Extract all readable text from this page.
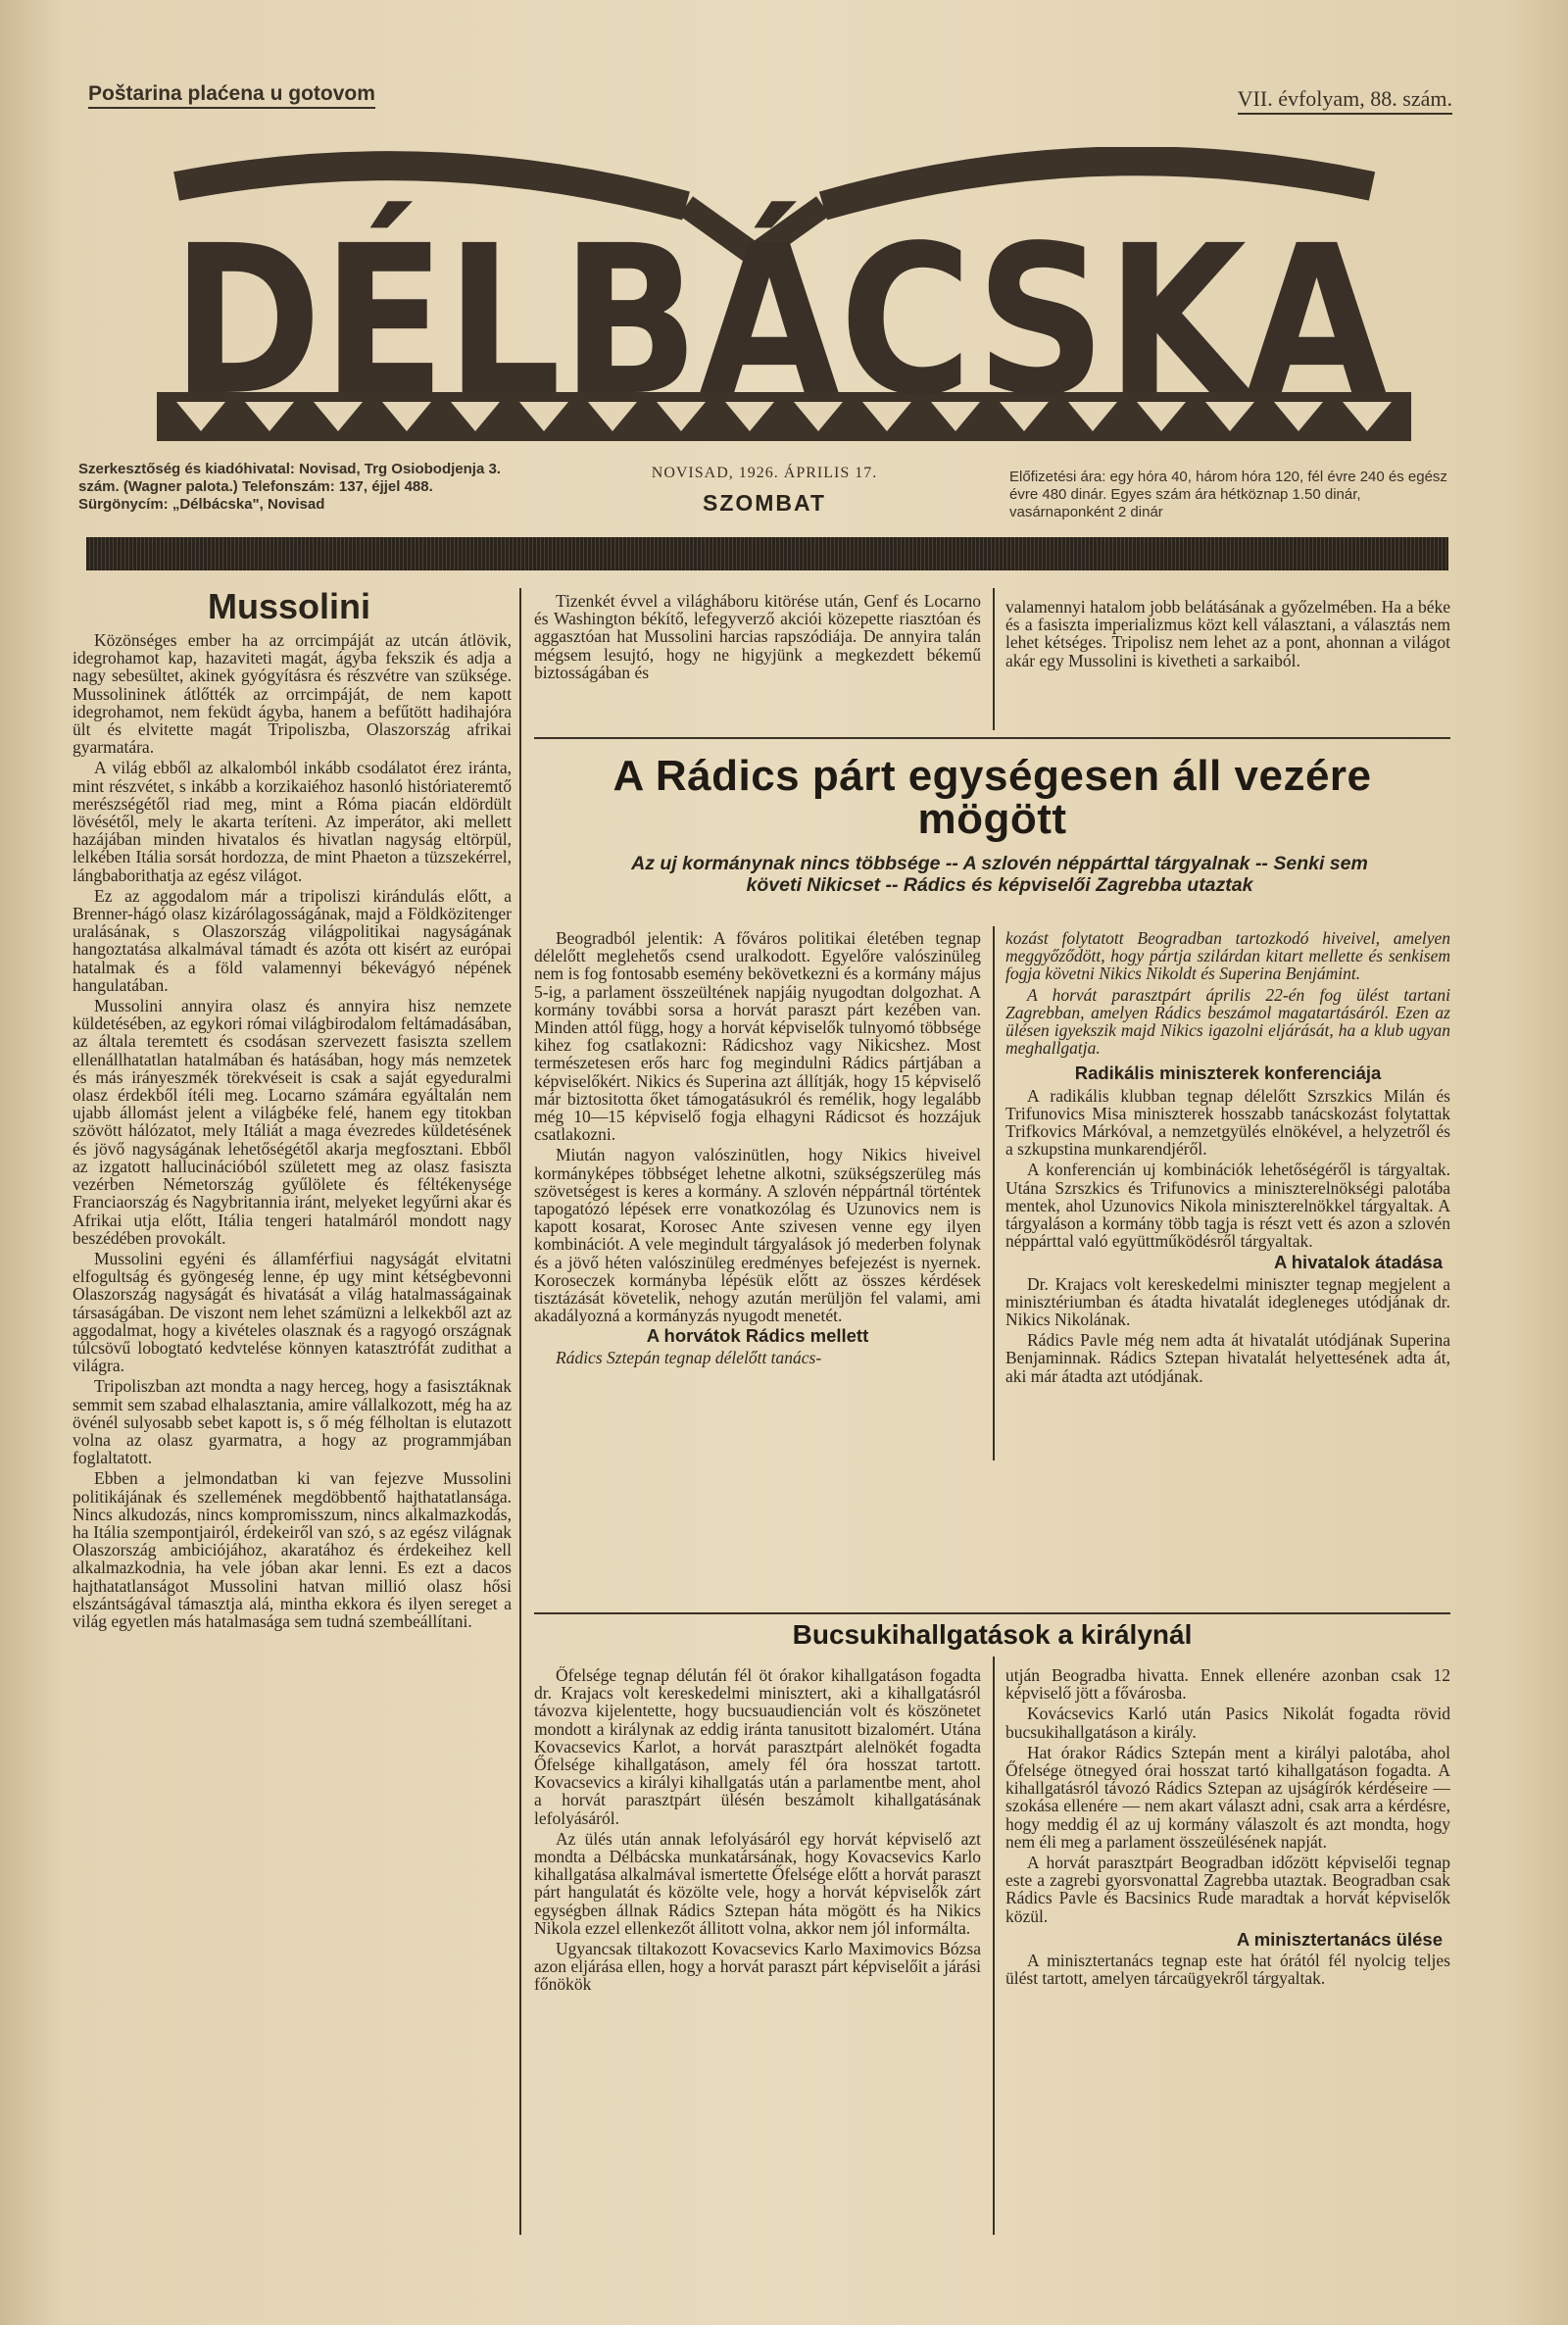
Poštarina plaćena u gotovom	VII. évfolyam, 88. szám.
DÉLBÁCSKA
Szerkesztőség és kiadóhivatal: Novisad, Trg Osiobodjenja 3. szám. (Wagner palota.) Telefonszám: 137, éjjel 488. Sürgönycím: „Délbácska", Novisad
NOVISAD, 1926. ÁPRILIS 17.
SZOMBAT
Előfizetési ára: egy hóra 40, három hóra 120, fél évre 240 és egész évre 480 dinár. Egyes szám ára hétköznap 1.50 dinár, vasárnaponként 2 dinár
Mussolini

Közönséges ember ha az orrcimpáját az utcán átlövik, idegrohamot kap, hazaviteti magát, ágyba fekszik és adja a nagy sebesültet, akinek gyógyításra és részvétre van szüksége. Mussolininek átlőtték az orrcimpáját, de nem kapott idegrohamot, nem feküdt ágyba, hanem a befűtött hadihajóra ült és elvitette magát Tripoliszba, Olaszország afrikai gyarmatára.

A világ ebből az alkalomból inkább csodálatot érez iránta, mint részvétet, s inkább a korzikaiéhoz hasonló históriateremtő merészségétől riad meg, mint a Róma piacán eldördült lövésétől, mely le akarta teríteni. Az imperátor, aki mellett hazájában minden hivatalos és hivatlan nagyság eltörpül, lelkében Itália sorsát hordozza, de mint Phaeton a tüzszekérrel, lángbaborithatja az egész világot.

Ez az aggodalom már a tripoliszi kirándulás előtt, a Brenner-hágó olasz kizárólagosságának, majd a Földközitenger uralásának, s Olaszország világpolitikai nagyságának hangoztatása alkalmával támadt és azóta ott kisért az európai hatalmak és a föld valamennyi békevágyó népének hangulatában.

Mussolini annyira olasz és annyira hisz nemzete küldetésében, az egykori római világbirodalom feltámadásában, az általa teremtett és csodásan szervezett fasiszta szellem ellenállhatatlan hatalmában és hatásában, hogy más nemzetek és más irányeszmék törekvéseit is csak a saját egyeduralmi olasz érdekből ítéli meg. Locarno számára egyáltalán nem ujabb állomást jelent a világbéke felé, hanem egy titokban szövött hálózatot, mely Itáliát a maga évezredes küldetésének és jövő nagyságának lehetőségétől akarja megfosztani. Ebből az izgatott hallucinációból született meg az olasz fasiszta vezérben Németország gyűlölete és féltékenysége Franciaország és Nagybritannia iránt, melyeket legyűrni akar és Afrikai utja előtt, Itália tengeri hatalmáról mondott nagy beszédében provokált.

Mussolini egyéni és államférfiui nagyságát elvitatni elfogultság és gyöngeség lenne, ép ugy mint kétségbevonni Olaszország nagyságát és hivatását a világ hatalmasságainak társaságában. De viszont nem lehet számüzni a lelkekből azt az aggodalmat, hogy a kivételes olasznak és a ragyogó országnak túlcsövű lobogtató kedvtelése könnyen katasztrófát zudithat a világra.

Tripoliszban azt mondta a nagy herceg, hogy a fasisztáknak semmit sem szabad elhalasztania, amire vállalkozott, még ha az övénél sulyosabb sebet kapott is, s ő még félholtan is elutazott volna az olasz gyarmatra, a hogy az programmjában foglaltatott.

Ebben a jelmondatban ki van fejezve Mussolini politikájának és szellemének megdöbbentő hajthatatlansága. Nincs alkudozás, nincs kompromisszum, nincs alkalmazkodás, ha Itália szempontjairól, érdekeiről van szó, s az egész világnak Olaszország ambiciójához, akaratához és érdekeihez kell alkalmazkodnia, ha vele jóban akar lenni. Es ezt a dacos hajthatatlanságot Mussolini hatvan millió olasz hősi elszántságával támasztja alá, mintha ekkora és ilyen sereget a világ egyetlen más hatalmasága sem tudná szembeállítani.

Tizenkét évvel a világháboru kitörése után, Genf és Locarno és Washington békítő, lefegyverző akciói közepette riasztóan és aggasztóan hat Mussolini harcias rapszódiája. De annyira talán mégsem lesujtó, hogy ne higyjünk a megkezdett békemű biztosságában és

valamennyi hatalom jobb belátásának a győzelmében. Ha a béke és a fasiszta imperializmus közt kell választani, a választás nem lehet kétséges. Tripolisz nem lehet az a pont, ahonnan a világot akár egy Mussolini is kivetheti a sarkaiból.

A Rádics párt egységesen áll vezére mögött
Az uj kormánynak nincs többsége -- A szlovén néppárttal tárgyalnak -- Senki sem követi Nikicset -- Rádics és képviselői Zagrebba utaztak

Beogradból jelentik: A főváros politikai életében tegnap délelőtt meglehetős csend uralkodott. Egyelőre valószinüleg nem is fog fontosabb esemény bekövetkezni és a kormány május 5-ig, a parlament összeültének napjáig nyugodtan dolgozhat. A kormány további sorsa a horvát paraszt párt kezében van. Minden attól függ, hogy a horvát képviselők tulnyomó többsége kihez fog csatlakozni: Rádicshoz vagy Nikicshez. Most természetesen erős harc fog megindulni Rádics pártjában a képviselőkért. Nikics és Superina azt állítják, hogy 15 képviselő már biztositotta őket támogatásukról és remélik, hogy legalább még 10—15 képviselő fogja elhagyni Rádicsot és hozzájuk csatlakozni.

Miután nagyon valószinütlen, hogy Nikics hiveivel kormányképes többséget lehetne alkotni, szükségszerüleg más szövetségest is keres a kormány. A szlovén néppártnál történtek tapogatózó lépések erre vonatkozólag és Uzunovics nem is kapott kosarat, Korosec Ante szivesen venne egy ilyen kombinációt. A vele megindult tárgyalások jó mederben folynak és a jövő héten valószinüleg eredményes befejezést is nyernek. Koroseczek kormányba lépésük előtt az összes kérdések tisztázását követelik, nehogy azután merüljön fel valami, ami akadályozná a kormányzás nyugodt menetét.

A horvátok Rádics mellett

Rádics Sztepán tegnap délelőtt tanács-

kozást folytatott Beogradban tartozkodó hiveivel, amelyen meggyőződött, hogy pártja szilárdan kitart mellette és senkisem fogja követni Nikics Nikoldt és Superina Benjámint.

A horvát parasztpárt április 22-én fog ülést tartani Zagrebban, amelyen Rádics beszámol magatartásáról. Ezen az ülésen igyekszik majd Nikics igazolni eljárását, ha a klub ugyan meghallgatja.

Radikális miniszterek konferenciája

A radikális klubban tegnap délelőtt Szrszkics Milán és Trifunovics Misa miniszterek hosszabb tanácskozást folytattak Trifkovics Márkóval, a nemzetgyülés elnökével, a helyzetről és a szkupstina munkarendjéről.

A konferencián uj kombinációk lehetőségéről is tárgyaltak. Utána Szrszkics és Trifunovics a miniszterelnökségi palotába mentek, ahol Uzunovics Nikola miniszterelnökkel tárgyaltak. A tárgyaláson a kormány több tagja is részt vett és azon a szlovén néppárttal való együttműködésről tárgyaltak.

A hivatalok átadása

Dr. Krajacs volt kereskedelmi miniszter tegnap megjelent a minisztériumban és átadta hivatalát idegleneges utódjának dr. Nikics Nikolának.

Rádics Pavle még nem adta át hivatalát utódjának Superina Benjaminnak. Rádics Sztepan hivatalát helyettesének adta át, aki már átadta azt utódjának.

Bucsukihallgatások a királynál

Őfelsége tegnap délután fél öt órakor kihallgatáson fogadta dr. Krajacs volt kereskedelmi minisztert, aki a kihallgatásról távozva kijelentette, hogy bucsuaudiencián volt és köszönetet mondott a királynak az eddig iránta tanusitott bizalomért. Utána Kovacsevics Karlot, a horvát parasztpárt alelnökét fogadta Őfelsége kihallgatáson, amely fél óra hosszat tartott. Kovacsevics a királyi kihallgatás után a parlamentbe ment, ahol a horvát parasztpárt ülésén beszámolt kihallgatásának lefolyásáról.

Az ülés után annak lefolyásáról egy horvát képviselő azt mondta a Délbácska munkatársának, hogy Kovacsevics Karlo kihallgatása alkalmával ismertette Őfelsége előtt a horvát paraszt párt hangulatát és közölte vele, hogy a horvát képviselők zárt egységben állnak Rádics Sztepan háta mögött és ha Nikics Nikola ezzel ellenkezőt állitott volna, akkor nem jól informálta.

Ugyancsak tiltakozott Kovacsevics Karlo Maximovics Bózsa azon eljárása ellen, hogy a horvát paraszt párt képviselőit a járási főnökök

utján Beogradba hivatta. Ennek ellenére azonban csak 12 képviselő jött a fővárosba.

Kovácsevics Karló után Pasics Nikolát fogadta rövid bucsukihallgatáson a király.

Hat órakor Rádics Sztepán ment a királyi palotába, ahol Őfelsége ötnegyed órai hosszat tartó kihallgatáson fogadta. A kihallgatásról távozó Rádics Sztepan az ujságírók kérdéseire — szokása ellenére — nem akart választ adni, csak arra a kérdésre, hogy meddig él az uj kormány válaszolt és azt mondta, hogy nem éli meg a parlament összeülésének napját.

A horvát parasztpárt Beogradban időzött képviselői tegnap este a zagrebi gyorsvonattal Zagrebba utaztak. Beogradban csak Rádics Pavle és Bacsinics Rude maradtak a horvát képviselők közül.

A minisztertanács ülése

A minisztertanács tegnap este hat órától fél nyolcig teljes ülést tartott, amelyen tárcaügyekről tárgyaltak.
